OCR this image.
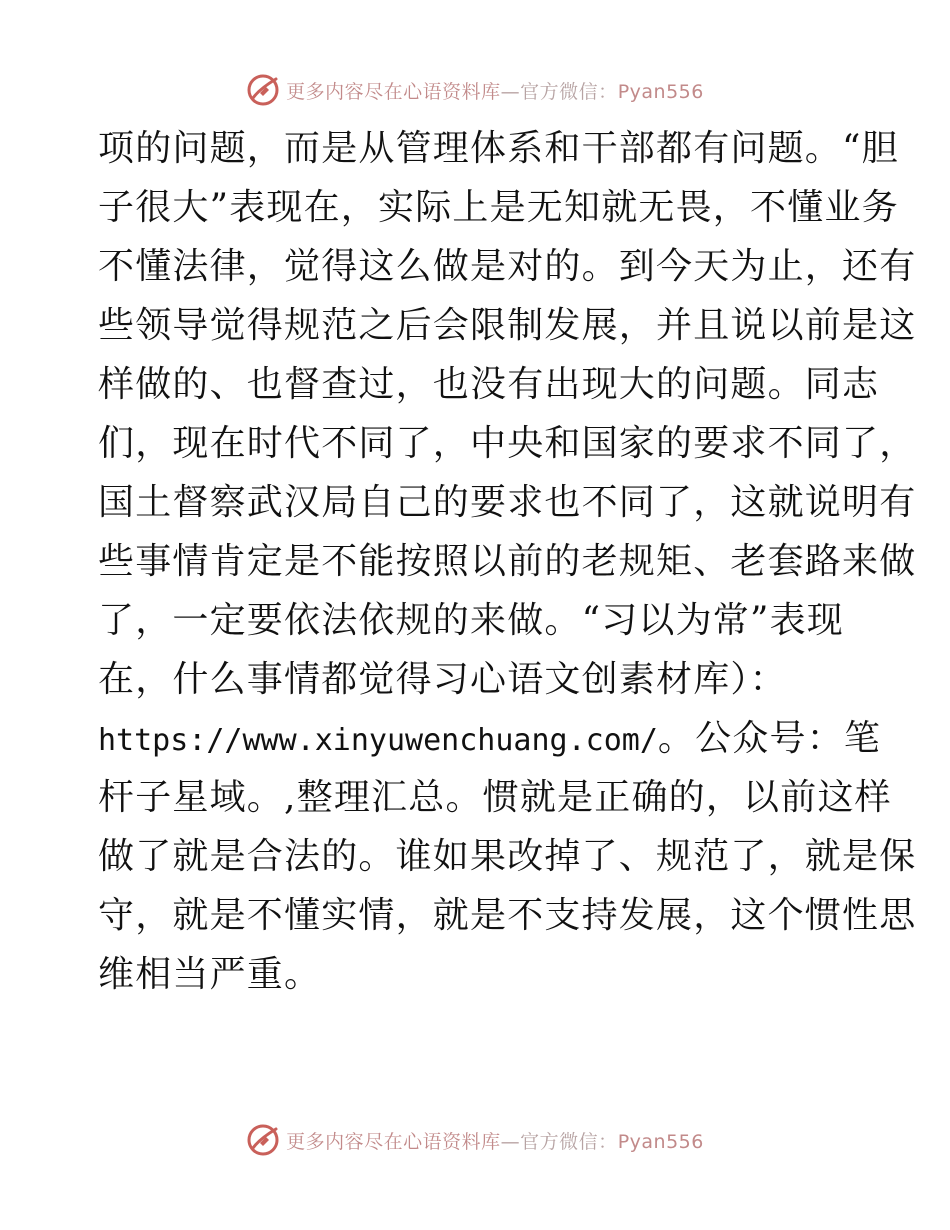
更多内容尽在心语资料库—官方微信：Pyan556
项的问题，而是从管理体系和干部都有问题。“胆
子很大”表现在，实际上是无知就无畏，不懂业务
不懂法律，觉得这么做是对的。到今天为止，还有
些领导觉得规范之后会限制发展，并且说以前是这
样做的、也督查过，也没有出现大的问题。同志
们，现在时代不同了，中央和国家的要求不同了，
国土督察武汉局自己的要求也不同了，这就说明有
些事情肯定是不能按照以前的老规矩、老套路来做
了，一定要依法依规的来做。“习以为常”表现
在，什么事情都觉得习心语文创素材库）：
https://www.xinyuwenchuang.com/。公众号：笔
杆子星域。,整理汇总。惯就是正确的，以前这样
做了就是合法的。谁如果改掉了、规范了，就是保
守，就是不懂实情，就是不支持发展，这个惯性思
维相当严重。
更多内容尽在心语资料库—官方微信：Pyan556
